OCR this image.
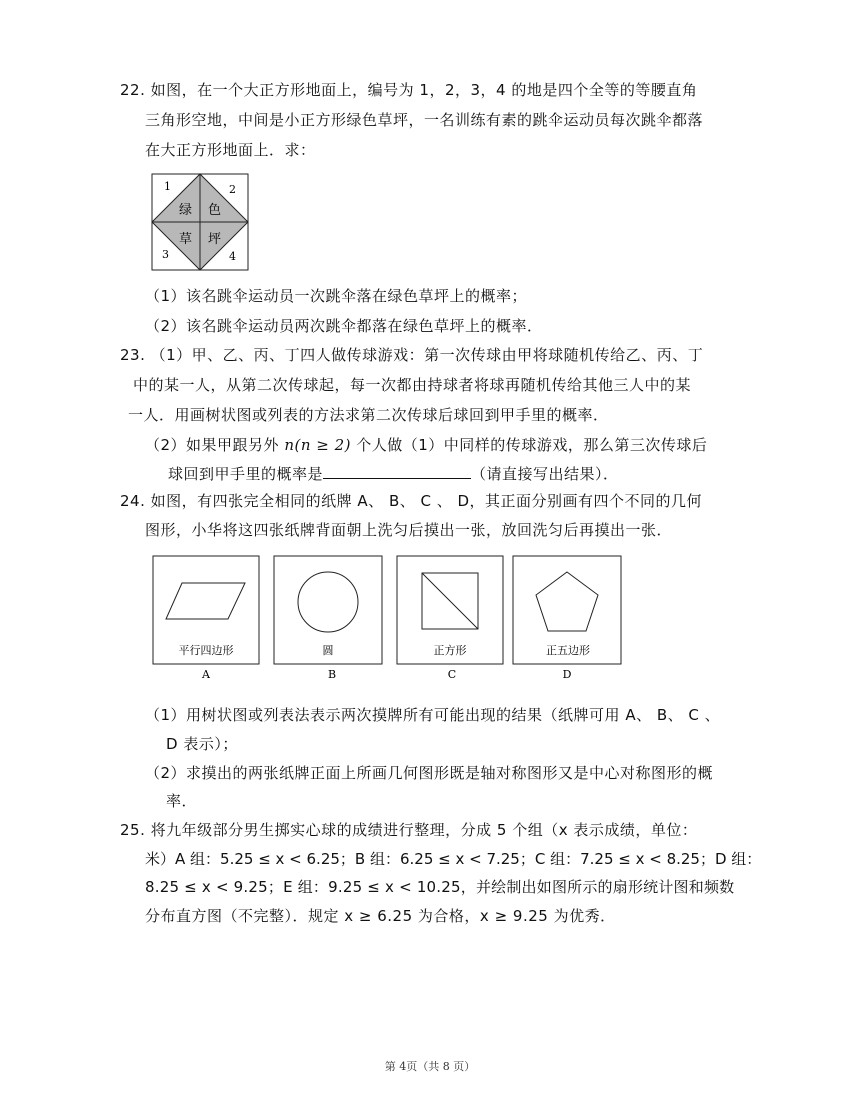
22. 如图，在一个大正方形地面上，编号为 1，2，3，4 的地是四个全等的等腰直角
三角形空地，中间是小正方形绿色草坪，一名训练有素的跳伞运动员每次跳伞都落
在大正方形地面上．求：
1	2
3	4
绿 色
草 坪
（1）该名跳伞运动员一次跳伞落在绿色草坪上的概率；
（2）该名跳伞运动员两次跳伞都落在绿色草坪上的概率．
23. （1）甲、乙、丙、丁四人做传球游戏：第一次传球由甲将球随机传给乙、丙、丁
中的某一人，从第二次传球起，每一次都由持球者将球再随机传给其他三人中的某
一人．用画树状图或列表的方法求第二次传球后球回到甲手里的概率．
（2）如果甲跟另外 n(n ≥ 2) 个人做（1）中同样的传球游戏，那么第三次传球后
球回到甲手里的概率是	（请直接写出结果）．
24. 如图，有四张完全相同的纸牌 A、 B、 C 、 D，其正面分别画有四个不同的几何
图形，小华将这四张纸牌背面朝上洗匀后摸出一张，放回洗匀后再摸出一张．
平行四边形
A
圆
B
正方形
C
正五边形
D
（1）用树状图或列表法表示两次摸牌所有可能出现的结果（纸牌可用 A、 B、 C 、
D 表示）；
（2）求摸出的两张纸牌正面上所画几何图形既是轴对称图形又是中心对称图形的概
率．
25. 将九年级部分男生掷实心球的成绩进行整理，分成 5 个组（x 表示成绩，单位：
米）A 组：5.25 ≤ x < 6.25；B 组：6.25 ≤ x < 7.25；C 组：7.25 ≤ x < 8.25；D 组：
8.25 ≤ x < 9.25；E 组：9.25 ≤ x < 10.25，并绘制出如图所示的扇形统计图和频数
分布直方图（不完整）．规定 x ≥ 6.25 为合格，x ≥ 9.25 为优秀．
第 4页（共 8 页）
